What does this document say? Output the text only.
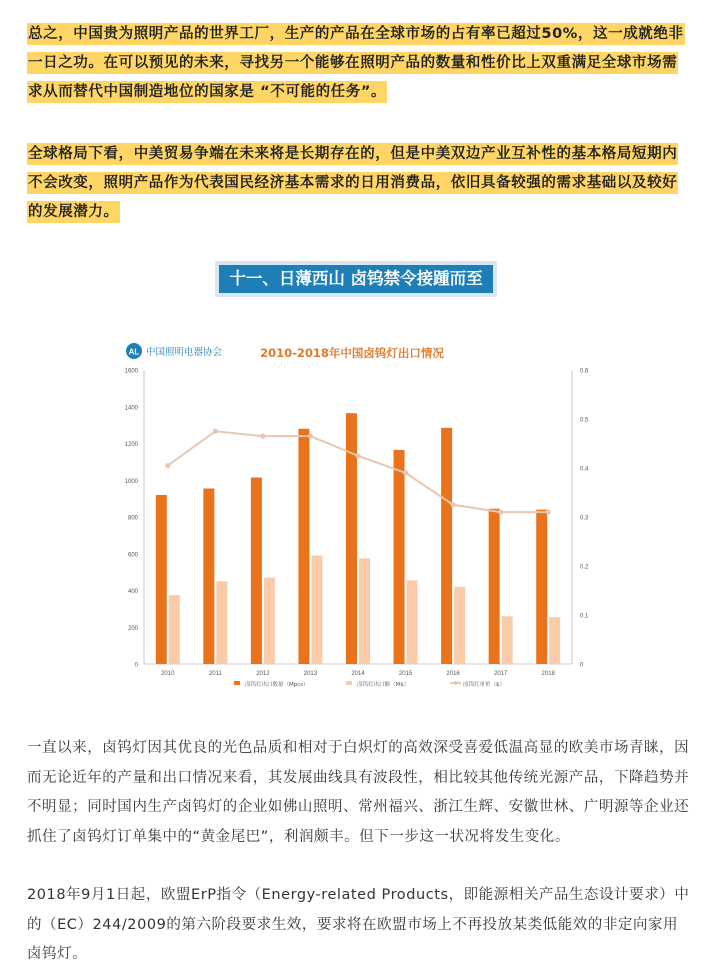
总之，中国贵为照明产品的世界工厂，生产的产品在全球市场的占有率已超过50%，这一成就绝非一日之功。在可以预见的未来，寻找另一个能够在照明产品的数量和性价比上双重满足全球市场需求从而替代中国制造地位的国家是 “不可能的任务”。
全球格局下看，中美贸易争端在未来将是长期存在的，但是中美双边产业互补性的基本格局短期内不会改变，照明产品作为代表国民经济基本需求的日用消费品，依旧具备较强的需求基础以及较好的发展潜力。
十一、日薄西山 卤钨禁令接踵而至
AL 中国照明电器协会	2010-2018年中国卤钨灯出口情况
0
200
400
600
800
1000
1200
1400
1600
0
0.1
0.2
0.3
0.4
0.5
0.6
2010	2011	2012	2013	2014	2015	2016	2017	2018
卤钨灯出口数量（Mpcs）	卤钨灯出口额（M$）	卤钨灯单价（$）
一直以来，卤钨灯因其优良的光色品质和相对于白炽灯的高效深受喜爱低温高显的欧美市场青睐，因而无论近年的产量和出口情况来看，其发展曲线具有波段性，相比较其他传统光源产品，下降趋势并不明显；同时国内生产卤钨灯的企业如佛山照明、常州福兴、浙江生辉、安徽世林、广明源等企业还抓住了卤钨灯订单集中的“黄金尾巴”，利润颇丰。但下一步这一状况将发生变化。
2018年9月1日起，欧盟ErP指令（Energy-related Products，即能源相关产品生态设计要求）中的（EC）244/2009的第六阶段要求生效，要求将在欧盟市场上不再投放某类低能效的非定向家用卤钨灯。
